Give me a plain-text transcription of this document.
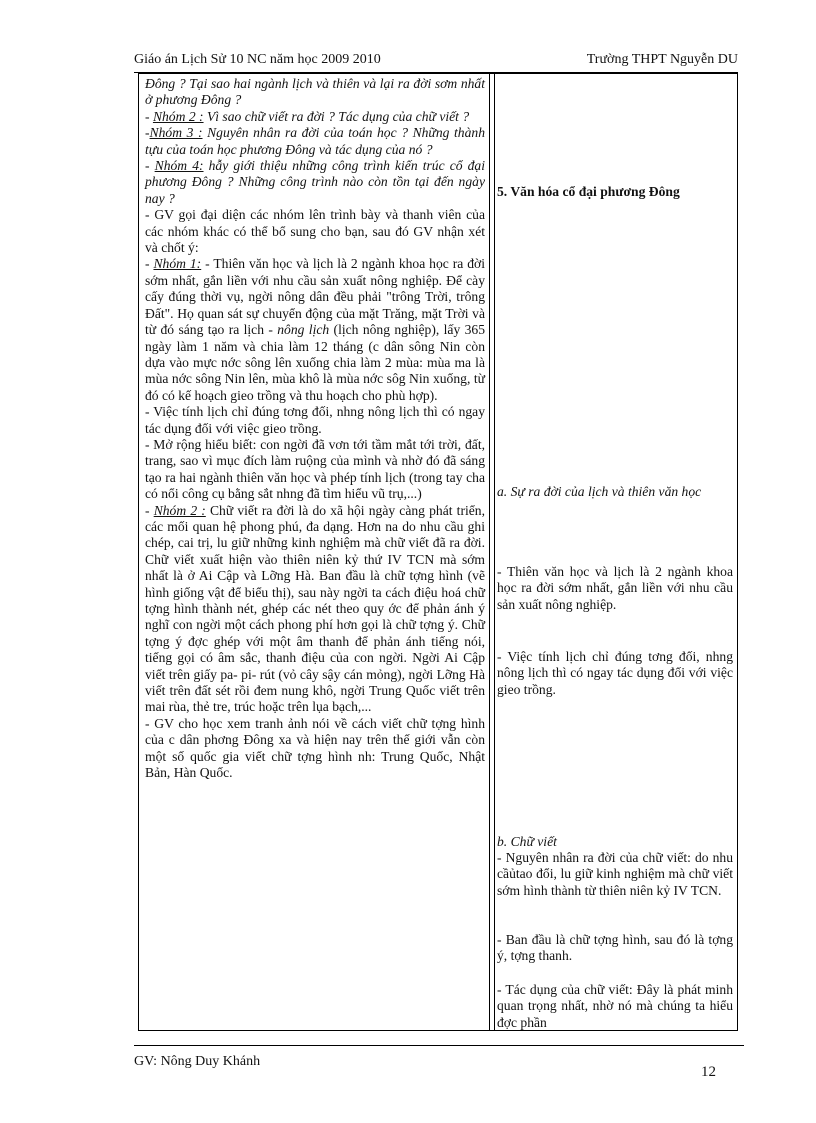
Giáo án Lịch Sử 10 NC năm học 2009 2010	Trường THPT Nguyễn DU

Đông ? Tại sao hai ngành lịch và thiên và lại ra đời sơm nhất ở phương Đông ?

- Nhóm 2 : Vì sao chữ viết ra đời ? Tác dụng của chữ viết ?

-Nhóm 3 : Nguyên nhân ra đời của toán học ? Những thành tựu của toán học phương Đông và tác dụng của nó ?

- Nhóm 4: hẫy giới thiệu những công trình kiến trúc cổ đại phương Đông ? Những công trình nào còn tồn tại đến ngày nay ?

- GV gọi đại diện các nhóm lên trình bày và thanh viên của các nhóm khác có thể bổ sung cho bạn, sau đó GV nhận xét và chốt ý:

- Nhóm 1: - Thiên văn học và lịch là 2 ngành khoa học ra đời sớm nhất, gắn liền với nhu cầu sản xuất nông nghiệp. Để cày cấy đúng thời vụ, ngời nông dân đều phải "trông Trời, trông Đất". Họ quan sát sự chuyển động của mặt Trăng, mặt Trời và từ đó sáng tạo ra lịch - nông lịch (lịch nông nghiệp), lấy 365 ngày làm 1 năm và chia làm 12 tháng (c dân sông Nin còn dựa vào mực nớc sông lên xuống chia làm 2 mùa: mùa ma là mùa nớc sông Nin lên, mùa khô là mùa nớc sôg Nin xuống, từ đó có kế hoạch gieo trồng và thu hoạch cho phù hợp).

- Việc tính lịch chỉ đúng tơng đối, nhng nông lịch thì có ngay tác dụng đối với việc gieo trồng.

- Mở rộng hiểu biết: con ngời đã vơn tới tầm mắt tới trời, đất, trang, sao vì mục đích làm ruộng của mình và nhờ đó đã sáng tạo ra hai ngành thiên văn học và phép tính lịch (trong tay cha có nổi công cụ bằng sắt nhng đã tìm hiểu vũ trụ,...)

- Nhóm 2 : Chữ viết ra đời là do xã hội ngày càng phát triển, các mối quan hệ phong phú, đa dạng. Hơn na do nhu cầu ghi chép, cai trị, lu giữ những kinh nghiệm mà chữ viết đã ra đời. Chữ viết xuất hiện vào thiên niên kỷ thứ IV TCN mà sớm nhất là ở Ai Cập và Lỡng Hà. Ban đầu là chữ tợng hình (vẽ hình giống vật để biểu thị), sau này ngời ta cách điệu hoá chữ tợng hình thành nét, ghép các nét theo quy ớc để phản ánh ý nghĩ con ngời một cách phong phí hơn gọi là chữ tợng ý. Chữ tợng ý đợc ghép với một âm thanh để phản ánh tiếng nói, tiếng gọi có âm sắc, thanh điệu của con ngời. Ngời Ai Cập viết trên giấy pa- pi- rút (vỏ cây sậy cán mỏng), ngời Lỡng Hà viết trên đất sét rồi đem nung khô, ngời Trung Quốc viết trên mai rùa, thẻ tre, trúc hoặc trên lụa bạch,...

- GV cho học xem tranh ảnh nói về cách viết chữ tợng hình của c dân phơng Đông xa và hiện nay trên thế giới vẫn còn một số quốc gia viết chữ tợng hình nh: Trung Quốc, Nhật Bản, Hàn Quốc.

5. Văn hóa cổ đại phương Đông
a. Sự ra đời của lịch và thiên văn học
- Thiên văn học và lịch là 2 ngành khoa học ra đời sớm nhất, gắn liền với nhu cầu sản xuất nông nghiệp.
- Việc tính lịch chỉ đúng tơng đối, nhng nông lịch thì có ngay tác dụng đối với việc gieo trồng.
b. Chữ viết
- Nguyên nhân ra đời của chữ viết: do nhu cầủtao đổi, lu giữ kinh nghiệm mà chữ viết sớm hình thành từ thiên niên kỷ IV TCN.
- Ban đầu là chữ tợng hình, sau đó là tợng ý, tợng thanh.
- Tác dụng của chữ viết: Đây là phát minh quan trọng nhất, nhờ nó mà chúng ta hiểu đợc phần
GV: Nông Duy Khánh
12
